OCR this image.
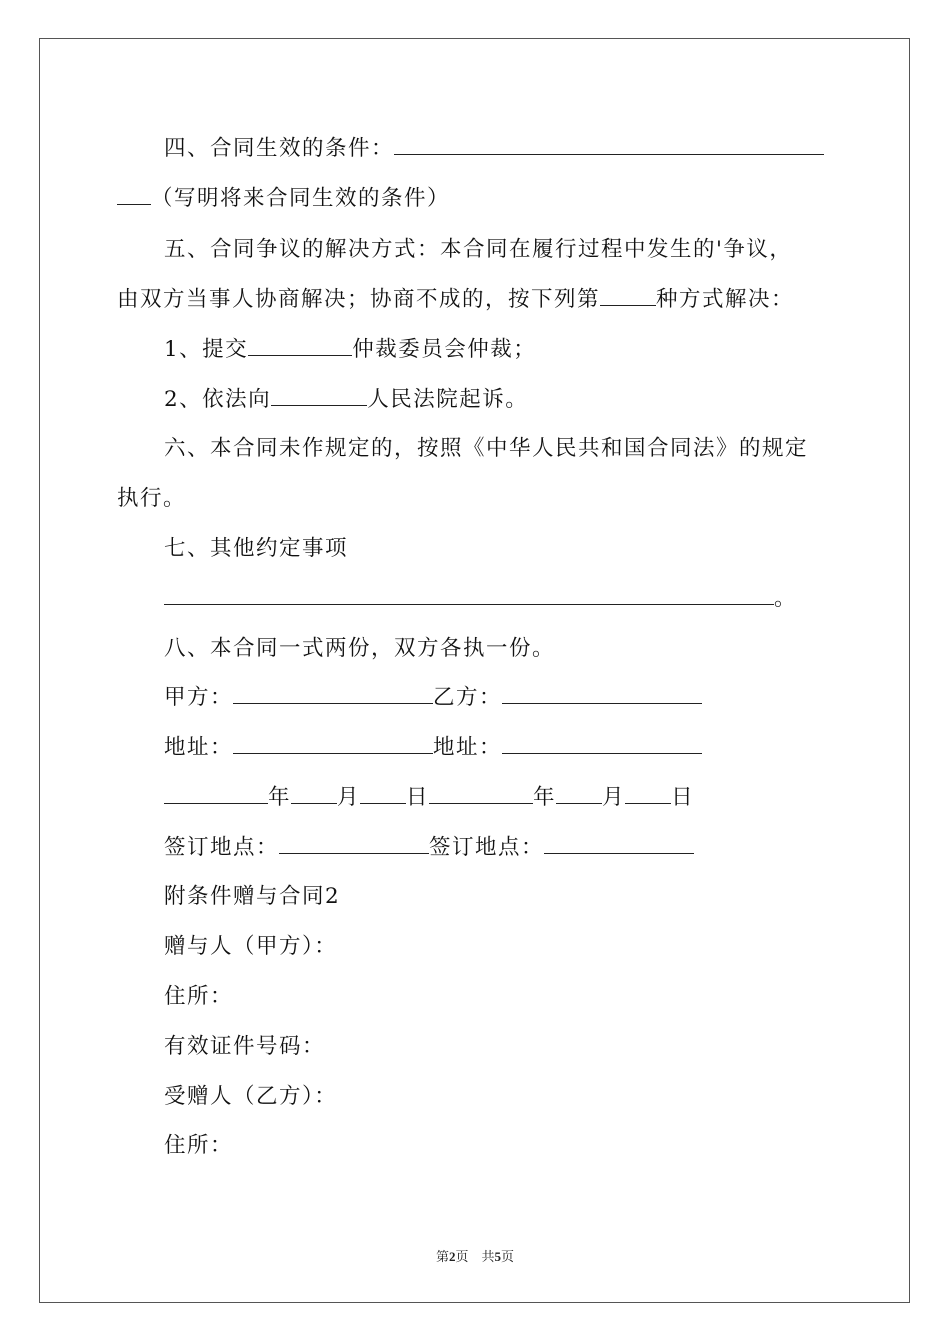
四、合同生效的条件：
（写明将来合同生效的条件）
五、合同争议的解决方式：本合同在履行过程中发生的'争议，
由双方当事人协商解决；协商不成的，按下列第	种方式解决：
1、提交	仲裁委员会仲裁；
2、依法向	人民法院起诉。
六、本合同未作规定的，按照《中华人民共和国合同法》的规定
执行。
七、其他约定事项
。
八、本合同一式两份，双方各执一份。
甲方：	乙方：
地址：	地址：
年 月 日	年 月 日
签订地点：	签订地点：
附条件赠与合同2
赠与人（甲方）：
住所：
有效证件号码：
受赠人（乙方）：
住所：
第2页　共5页
